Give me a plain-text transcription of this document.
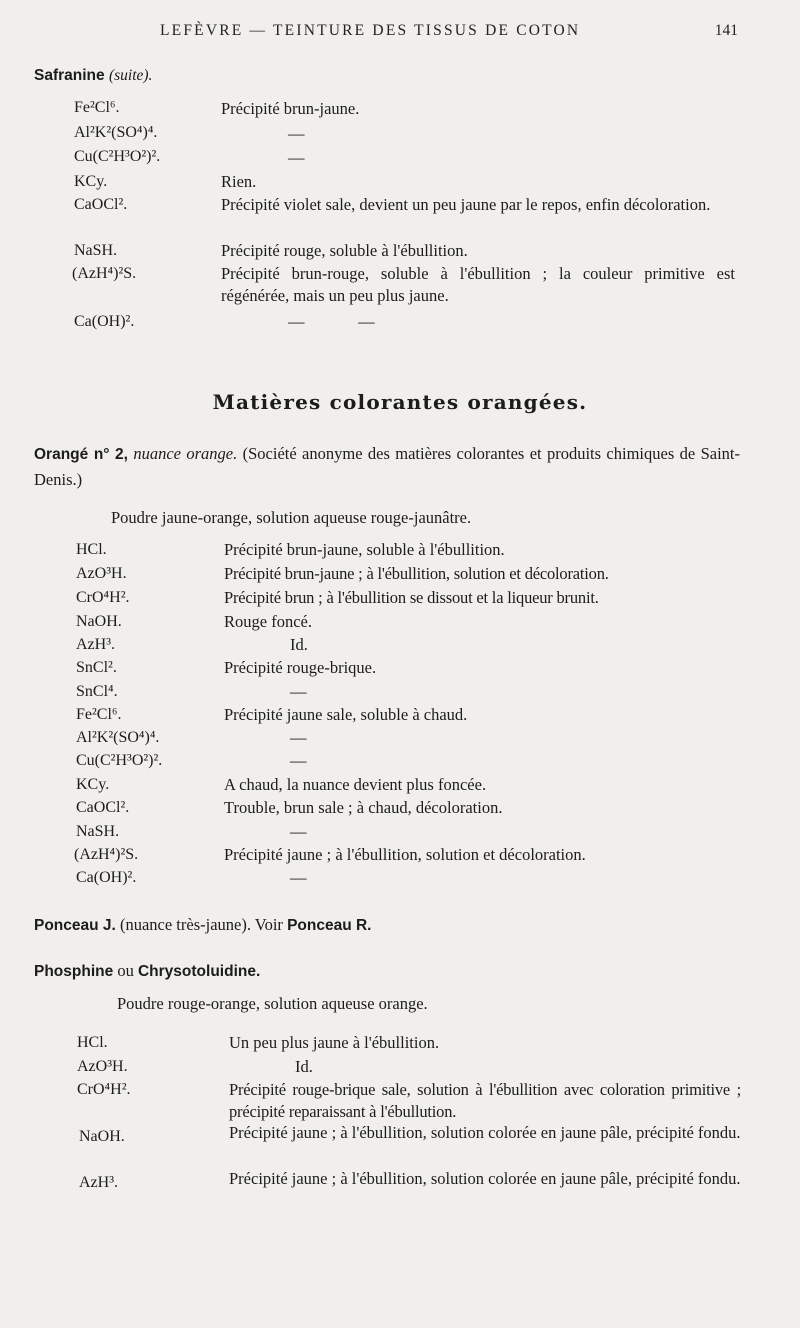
LEFÈVRE — TEINTURE DES TISSUS DE COTON	141
Safranine (suite).
Fe²Cl⁶.	Précipité brun-jaune.
Al²K²(SO⁴)⁴.	—
Cu(C²H³O²)².	—
KCy.	Rien.
CaOCl².	Précipité violet sale, devient un peu jaune par le repos, enfin décoloration.
NaSH.	Précipité rouge, soluble à l'ébullition.
(AzH⁴)²S.	Précipité brun-rouge, soluble à l'ébullition ; la couleur primitive est régénérée, mais un peu plus jaune.
Ca(OH)².	—             —
Matières colorantes orangées.
Orangé n° 2, nuance orange. (Société anonyme des matières colorantes et produits chimiques de Saint-Denis.)
Poudre jaune-orange, solution aqueuse rouge-jaunâtre.
HCl.	Précipité brun-jaune, soluble à l'ébullition.
AzO³H.	Précipité brun-jaune ; à l'ébullition, solution et décoloration.
CrO⁴H².	Précipité brun ; à l'ébullition se dissout et la liqueur brunit.
NaOH.	Rouge foncé.
AzH³.	Id.
SnCl².	Précipité rouge-brique.
SnCl⁴.	—
Fe²Cl⁶.	Précipité jaune sale, soluble à chaud.
Al²K²(SO⁴)⁴.	—
Cu(C²H³O²)².	—
KCy.	A chaud, la nuance devient plus foncée.
CaOCl².	Trouble, brun sale ; à chaud, décoloration.
NaSH.	—
(AzH⁴)²S.	Précipité jaune ; à l'ébullition, solution et décoloration.
Ca(OH)².	—
Ponceau J. (nuance très-jaune). Voir Ponceau R.
Phosphine ou Chrysotoluidine.
Poudre rouge-orange, solution aqueuse orange.
HCl.	Un peu plus jaune à l'ébullition.
AzO³H.	Id.
CrO⁴H².	Précipité rouge-brique sale, solution à l'ébullition avec coloration primitive ; précipité reparaissant à l'ébullution.
NaOH.	Précipité jaune ; à l'ébullition, solution colorée en jaune pâle, précipité fondu.
AzH³.	Précipité jaune ; à l'ébullition, solution colorée en jaune pâle, précipité fondu.
